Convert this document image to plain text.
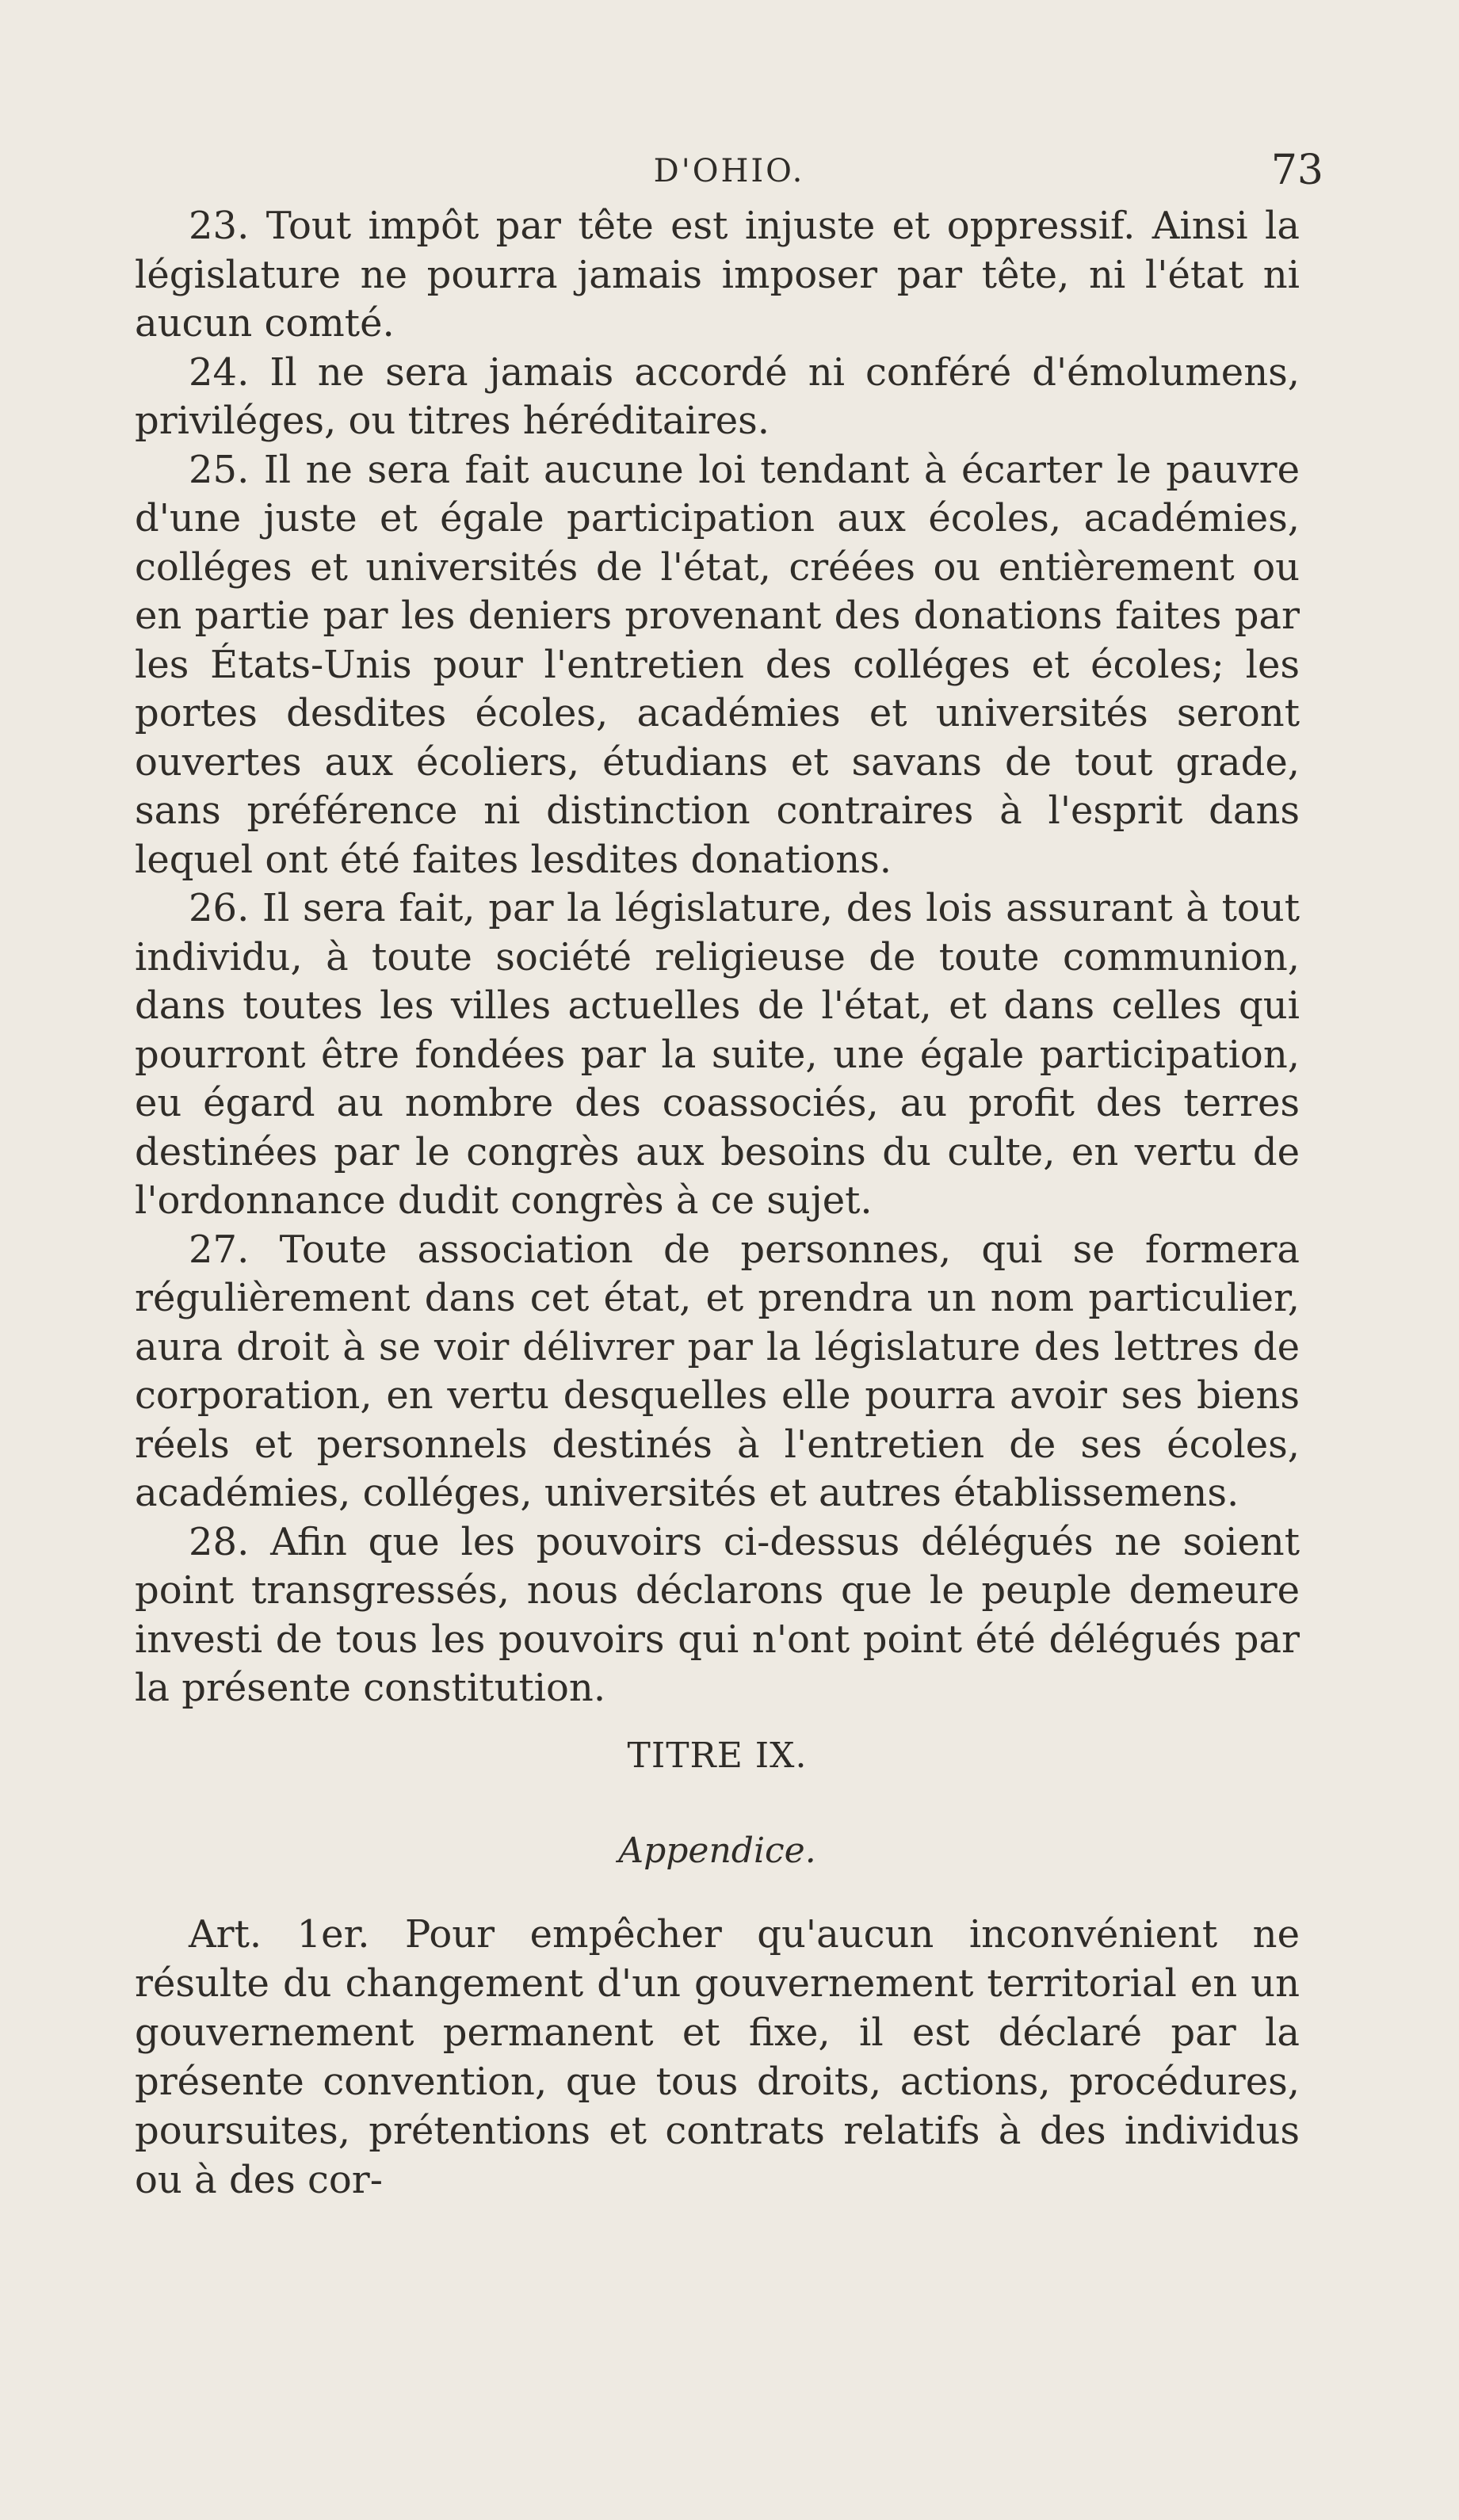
D'OHIO.	73

23. Tout impôt par tête est injuste et oppressif. Ainsi la législature ne pourra jamais imposer par tête, ni l'état ni aucun comté.

24. Il ne sera jamais accordé ni conféré d'émolumens, priviléges, ou titres héréditaires.

25. Il ne sera fait aucune loi tendant à écarter le pauvre d'une juste et égale participation aux écoles, académies, colléges et universités de l'état, créées ou entièrement ou en partie par les deniers provenant des donations faites par les États-Unis pour l'entretien des colléges et écoles; les portes desdites écoles, académies et universités seront ouvertes aux écoliers, étudians et savans de tout grade, sans préférence ni distinction contraires à l'esprit dans lequel ont été faites lesdites donations.

26. Il sera fait, par la législature, des lois assurant à tout individu, à toute société religieuse de toute communion, dans toutes les villes actuelles de l'état, et dans celles qui pourront être fondées par la suite, une égale participation, eu égard au nombre des coassociés, au profit des terres destinées par le congrès aux besoins du culte, en vertu de l'ordonnance dudit congrès à ce sujet.

27. Toute association de personnes, qui se formera régulièrement dans cet état, et prendra un nom particulier, aura droit à se voir délivrer par la législature des lettres de corporation, en vertu desquelles elle pourra avoir ses biens réels et personnels destinés à l'entretien de ses écoles, académies, colléges, universités et autres établissemens.

28. Afin que les pouvoirs ci-dessus délégués ne soient point transgressés, nous déclarons que le peuple demeure investi de tous les pouvoirs qui n'ont point été délégués par la présente constitution.

TITRE IX.
Appendice.

Art. 1er. Pour empêcher qu'aucun inconvénient ne résulte du changement d'un gouvernement territorial en un gouvernement permanent et fixe, il est déclaré par la présente convention, que tous droits, actions, procédures, poursuites, prétentions et contrats relatifs à des individus ou à des cor-
